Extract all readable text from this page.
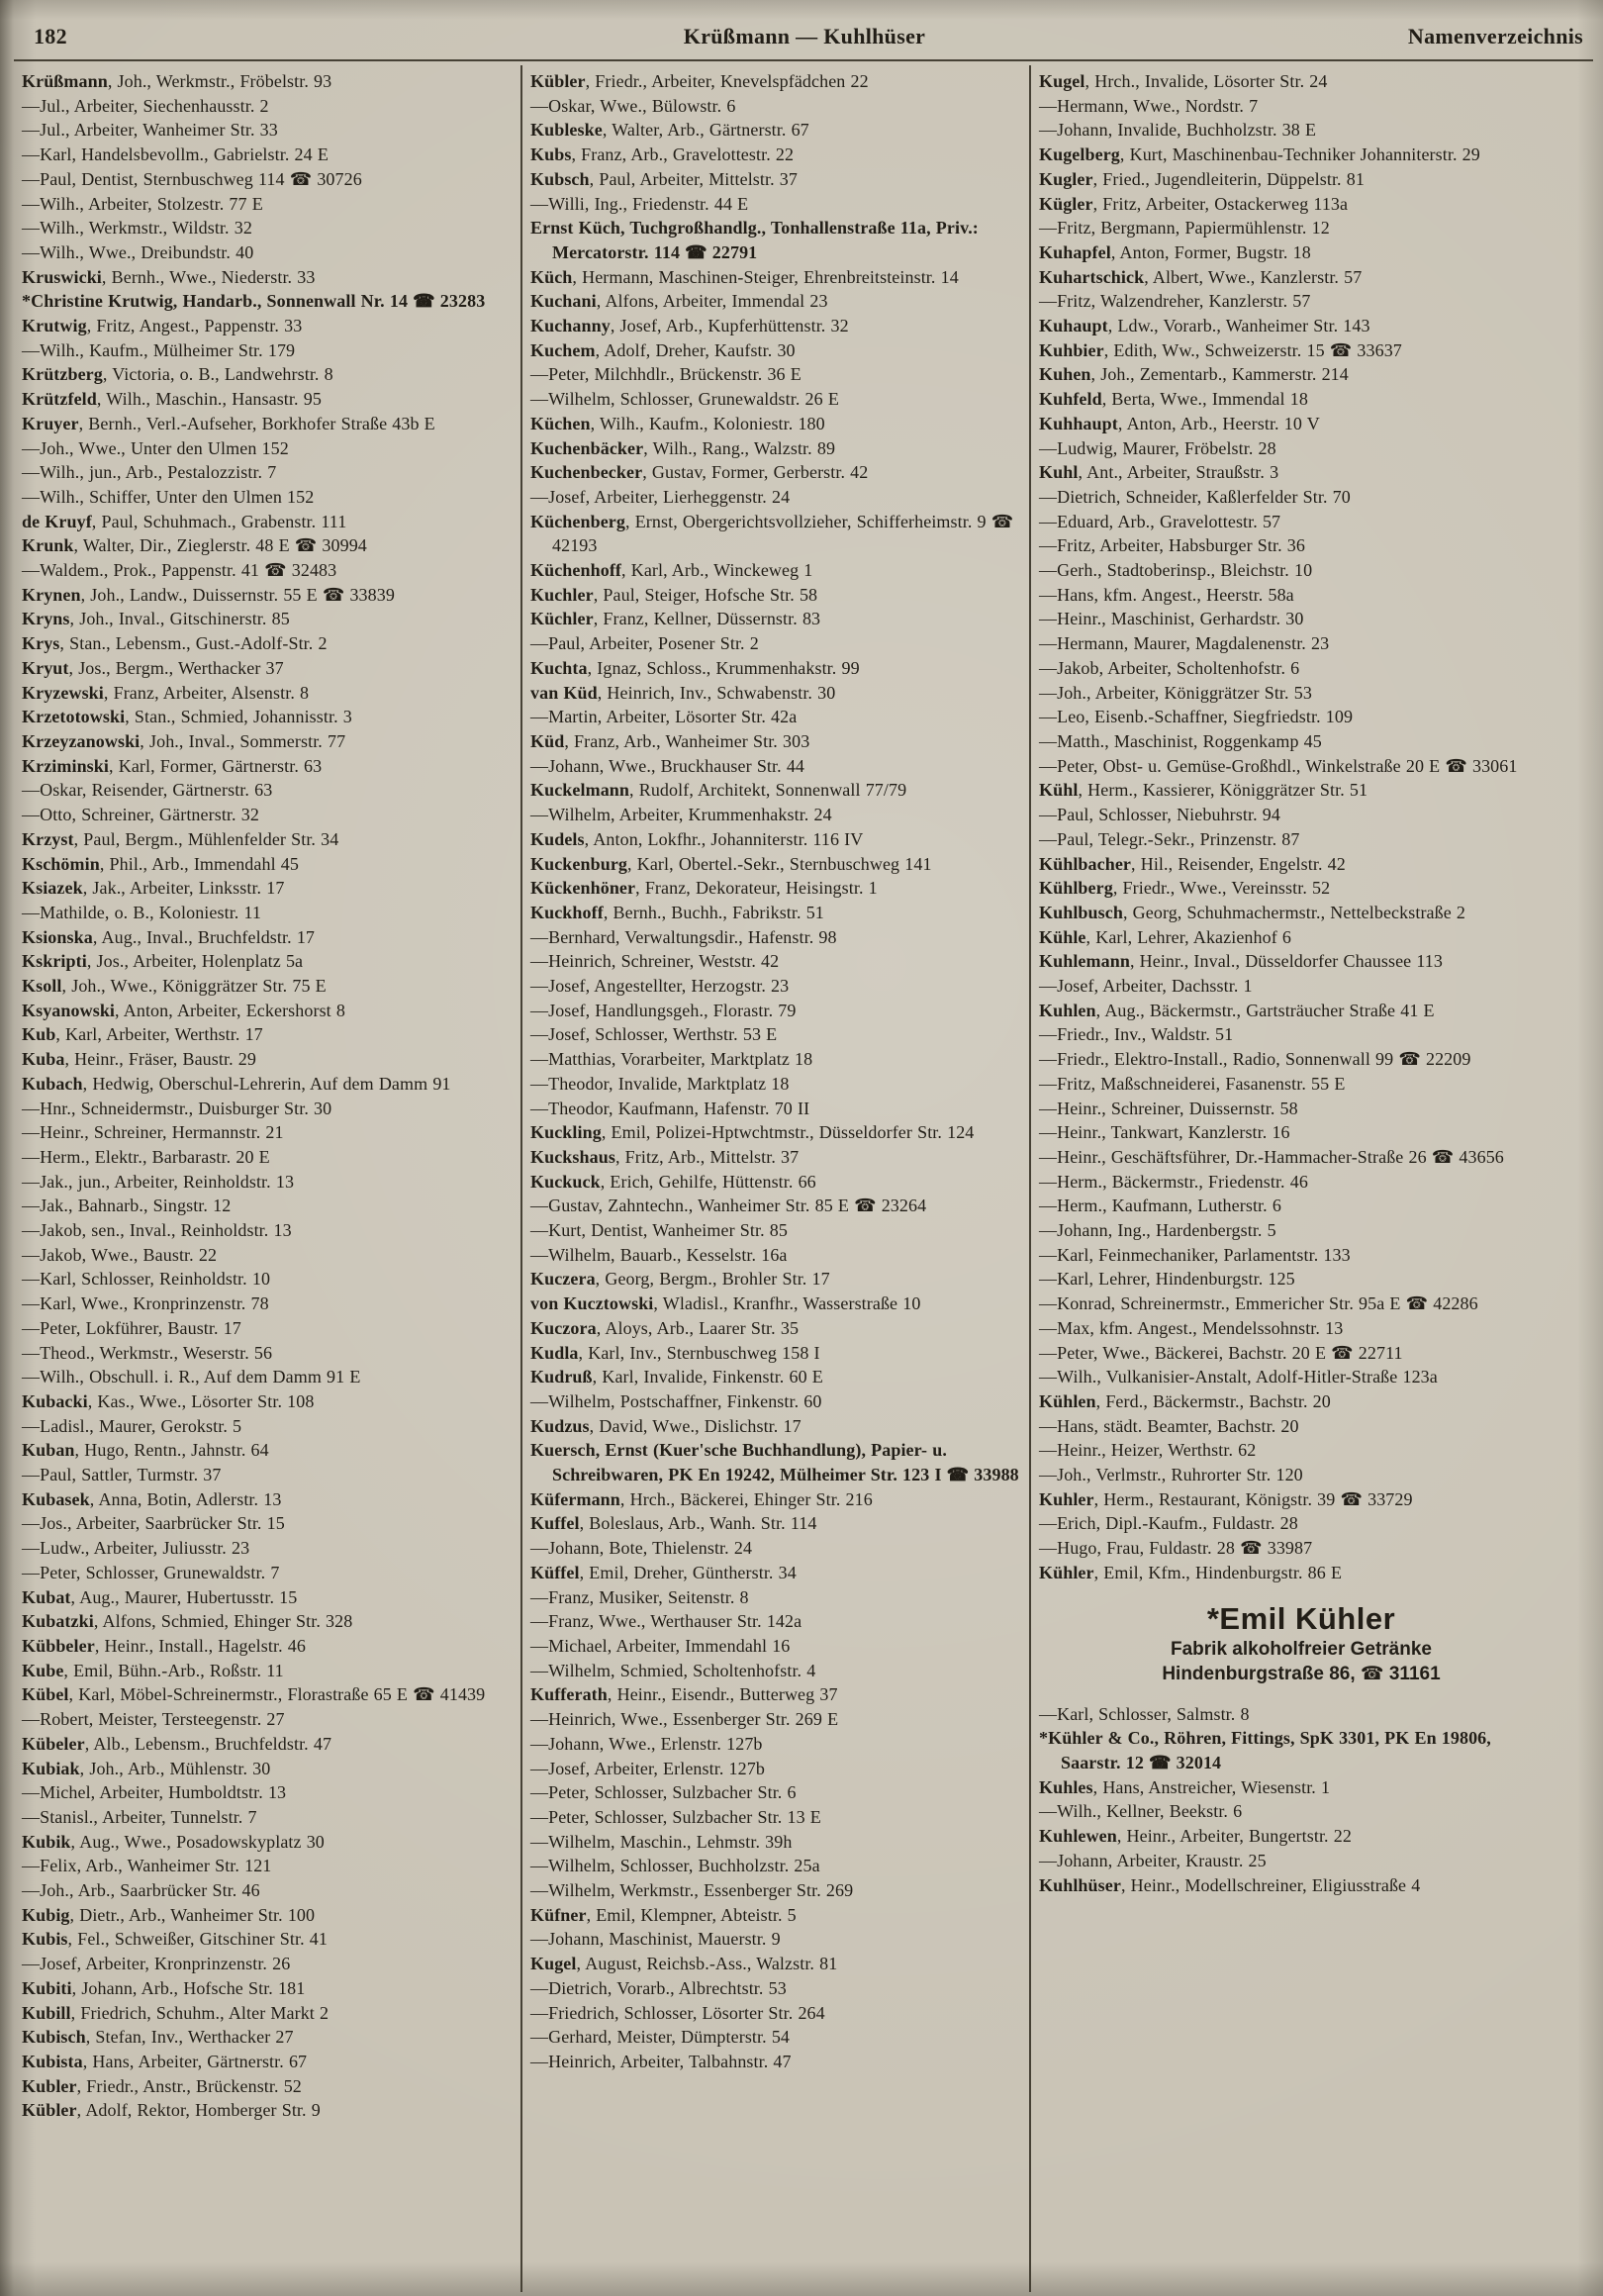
182	Krüßmann — Kuhlhüser	Namenverzeichnis
Krüßmann, Joh., Werkmstr., Fröbelstr. 93
—Jul., Arbeiter, Siechenhausstr. 2
—Jul., Arbeiter, Wanheimer Str. 33
—Karl, Handelsbevollm., Gabrielstr. 24 E
—Paul, Dentist, Sternbuschweg 114 ☎ 30726
—Wilh., Arbeiter, Stolzestr. 77 E
—Wilh., Werkmstr., Wildstr. 32
—Wilh., Wwe., Dreibundstr. 40
Kruswicki, Bernh., Wwe., Niederstr. 33
*Christine Krutwig, Handarb., Sonnenwall Nr. 14 ☎ 23283
Krutwig, Fritz, Angest., Pappenstr. 33
—Wilh., Kaufm., Mülheimer Str. 179
Krützberg, Victoria, o. B., Landwehrstr. 8
Krützfeld, Wilh., Maschin., Hansastr. 95
Kruyer, Bernh., Verl.-Aufseher, Borkhofer Straße 43b E
—Joh., Wwe., Unter den Ulmen 152
—Wilh., jun., Arb., Pestalozzistr. 7
—Wilh., Schiffer, Unter den Ulmen 152
de Kruyf, Paul, Schuhmach., Grabenstr. 111
Krunk, Walter, Dir., Zieglerstr. 48 E ☎ 30994
—Waldem., Prok., Pappenstr. 41 ☎ 32483
Krynen, Joh., Landw., Duissernstr. 55 E ☎ 33839
Kryns, Joh., Inval., Gitschinerstr. 85
Krys, Stan., Lebensm., Gust.-Adolf-Str. 2
Kryut, Jos., Bergm., Werthacker 37
Kryzewski, Franz, Arbeiter, Alsenstr. 8
Krzetotowski, Stan., Schmied, Johannisstr. 3
Krzeyzanowski, Joh., Inval., Sommerstr. 77
Krziminski, Karl, Former, Gärtnerstr. 63
—Oskar, Reisender, Gärtnerstr. 63
—Otto, Schreiner, Gärtnerstr. 32
Krzyst, Paul, Bergm., Mühlenfelder Str. 34
Kschömin, Phil., Arb., Immendahl 45
Ksiazek, Jak., Arbeiter, Linksstr. 17
—Mathilde, o. B., Koloniestr. 11
Ksionska, Aug., Inval., Bruchfeldstr. 17
Kskripti, Jos., Arbeiter, Holenplatz 5a
Ksoll, Joh., Wwe., Königgrätzer Str. 75 E
Ksyanowski, Anton, Arbeiter, Eckershorst 8
Kub, Karl, Arbeiter, Werthstr. 17
Kuba, Heinr., Fräser, Baustr. 29
Kubach, Hedwig, Oberschul-Lehrerin, Auf dem Damm 91
—Hnr., Schneidermstr., Duisburger Str. 30
—Heinr., Schreiner, Hermannstr. 21
—Herm., Elektr., Barbarastr. 20 E
—Jak., jun., Arbeiter, Reinholdstr. 13
—Jak., Bahnarb., Singstr. 12
—Jakob, sen., Inval., Reinholdstr. 13
—Jakob, Wwe., Baustr. 22
—Karl, Schlosser, Reinholdstr. 10
—Karl, Wwe., Kronprinzenstr. 78
—Peter, Lokführer, Baustr. 17
—Theod., Werkmstr., Weserstr. 56
—Wilh., Obschull. i. R., Auf dem Damm 91 E
Kubacki, Kas., Wwe., Lösorter Str. 108
—Ladisl., Maurer, Gerokstr. 5
Kuban, Hugo, Rentn., Jahnstr. 64
—Paul, Sattler, Turmstr. 37
Kubasek, Anna, Botin, Adlerstr. 13
—Jos., Arbeiter, Saarbrücker Str. 15
—Ludw., Arbeiter, Juliusstr. 23
—Peter, Schlosser, Grunewaldstr. 7
Kubat, Aug., Maurer, Hubertusstr. 15
Kubatzki, Alfons, Schmied, Ehinger Str. 328
Kübbeler, Heinr., Install., Hagelstr. 46
Kube, Emil, Bühn.-Arb., Roßstr. 11
Kübel, Karl, Möbel-Schreinermstr., Florastraße 65 E ☎ 41439
—Robert, Meister, Tersteegenstr. 27
Kübeler, Alb., Lebensm., Bruchfeldstr. 47
Kubiak, Joh., Arb., Mühlenstr. 30
—Michel, Arbeiter, Humboldtstr. 13
—Stanisl., Arbeiter, Tunnelstr. 7
Kubik, Aug., Wwe., Posadowskyplatz 30
—Felix, Arb., Wanheimer Str. 121
—Joh., Arb., Saarbrücker Str. 46
Kubig, Dietr., Arb., Wanheimer Str. 100
Kubis, Fel., Schweißer, Gitschiner Str. 41
—Josef, Arbeiter, Kronprinzenstr. 26
Kubiti, Johann, Arb., Hofsche Str. 181
Kubill, Friedrich, Schuhm., Alter Markt 2
Kubisch, Stefan, Inv., Werthacker 27
Kubista, Hans, Arbeiter, Gärtnerstr. 67
Kubler, Friedr., Anstr., Brückenstr. 52
Kübler, Adolf, Rektor, Homberger Str. 9
Kübler, Friedr., Arbeiter, Knevelspfädchen 22
—Oskar, Wwe., Bülowstr. 6
Kubleske, Walter, Arb., Gärtnerstr. 67
Kubs, Franz, Arb., Gravelottestr. 22
Kubsch, Paul, Arbeiter, Mittelstr. 37
—Willi, Ing., Friedenstr. 44 E
Ernst Küch, Tuchgroßhandlg., Tonhallenstraße 11a, Priv.: Mercatorstr. 114 ☎ 22791
Küch, Hermann, Maschinen-Steiger, Ehrenbreitsteinstr. 14
Kuchani, Alfons, Arbeiter, Immendal 23
Kuchanny, Josef, Arb., Kupferhüttenstr. 32
Kuchem, Adolf, Dreher, Kaufstr. 30
—Peter, Milchhdlr., Brückenstr. 36 E
—Wilhelm, Schlosser, Grunewaldstr. 26 E
Küchen, Wilh., Kaufm., Koloniestr. 180
Kuchenbäcker, Wilh., Rang., Walzstr. 89
Kuchenbecker, Gustav, Former, Gerberstr. 42
—Josef, Arbeiter, Lierheggenstr. 24
Küchenberg, Ernst, Obergerichtsvollzieher, Schifferheimstr. 9 ☎ 42193
Küchenhoff, Karl, Arb., Winckeweg 1
Kuchler, Paul, Steiger, Hofsche Str. 58
Küchler, Franz, Kellner, Düssernstr. 83
—Paul, Arbeiter, Posener Str. 2
Kuchta, Ignaz, Schloss., Krummenhakstr. 99
van Küd, Heinrich, Inv., Schwabenstr. 30
—Martin, Arbeiter, Lösorter Str. 42a
Küd, Franz, Arb., Wanheimer Str. 303
—Johann, Wwe., Bruckhauser Str. 44
Kuckelmann, Rudolf, Architekt, Sonnenwall 77/79
—Wilhelm, Arbeiter, Krummenhakstr. 24
Kudels, Anton, Lokfhr., Johanniterstr. 116 IV
Kuckenburg, Karl, Obertel.-Sekr., Sternbuschweg 141
Kückenhöner, Franz, Dekorateur, Heisingstr. 1
Kuckhoff, Bernh., Buchh., Fabrikstr. 51
—Bernhard, Verwaltungsdir., Hafenstr. 98
—Heinrich, Schreiner, Weststr. 42
—Josef, Angestellter, Herzogstr. 23
—Josef, Handlungsgeh., Florastr. 79
—Josef, Schlosser, Werthstr. 53 E
—Matthias, Vorarbeiter, Marktplatz 18
—Theodor, Invalide, Marktplatz 18
—Theodor, Kaufmann, Hafenstr. 70 II
Kuckling, Emil, Polizei-Hptwchtmstr., Düsseldorfer Str. 124
Kuckshaus, Fritz, Arb., Mittelstr. 37
Kuckuck, Erich, Gehilfe, Hüttenstr. 66
—Gustav, Zahntechn., Wanheimer Str. 85 E ☎ 23264
—Kurt, Dentist, Wanheimer Str. 85
—Wilhelm, Bauarb., Kesselstr. 16a
Kuczera, Georg, Bergm., Brohler Str. 17
von Kucztowski, Wladisl., Kranfhr., Wasserstraße 10
Kuczora, Aloys, Arb., Laarer Str. 35
Kudla, Karl, Inv., Sternbuschweg 158 I
Kudruß, Karl, Invalide, Finkenstr. 60 E
—Wilhelm, Postschaffner, Finkenstr. 60
Kudzus, David, Wwe., Dislichstr. 17
Kuersch, Ernst (Kuer'sche Buchhandlung), Papier- u. Schreibwaren, PK En 19242, Mülheimer Str. 123 I ☎ 33988
Küfermann, Hrch., Bäckerei, Ehinger Str. 216
Kuffel, Boleslaus, Arb., Wanh. Str. 114
—Johann, Bote, Thielenstr. 24
Küffel, Emil, Dreher, Güntherstr. 34
—Franz, Musiker, Seitenstr. 8
—Franz, Wwe., Werthauser Str. 142a
—Michael, Arbeiter, Immendahl 16
—Wilhelm, Schmied, Scholtenhofstr. 4
Kufferath, Heinr., Eisendr., Butterweg 37
—Heinrich, Wwe., Essenberger Str. 269 E
—Johann, Wwe., Erlenstr. 127b
—Josef, Arbeiter, Erlenstr. 127b
—Peter, Schlosser, Sulzbacher Str. 6
—Peter, Schlosser, Sulzbacher Str. 13 E
—Wilhelm, Maschin., Lehmstr. 39h
—Wilhelm, Schlosser, Buchholzstr. 25a
—Wilhelm, Werkmstr., Essenberger Str. 269
Küfner, Emil, Klempner, Abteistr. 5
—Johann, Maschinist, Mauerstr. 9
Kugel, August, Reichsb.-Ass., Walzstr. 81
—Dietrich, Vorarb., Albrechtstr. 53
—Friedrich, Schlosser, Lösorter Str. 264
—Gerhard, Meister, Dümpterstr. 54
—Heinrich, Arbeiter, Talbahnstr. 47
Kugel, Hrch., Invalide, Lösorter Str. 24
—Hermann, Wwe., Nordstr. 7
—Johann, Invalide, Buchholzstr. 38 E
Kugelberg, Kurt, Maschinenbau-Techniker Johanniterstr. 29
Kugler, Fried., Jugendleiterin, Düppelstr. 81
Kügler, Fritz, Arbeiter, Ostackerweg 113a
—Fritz, Bergmann, Papiermühlenstr. 12
Kuhapfel, Anton, Former, Bugstr. 18
Kuhartschick, Albert, Wwe., Kanzlerstr. 57
—Fritz, Walzendreher, Kanzlerstr. 57
Kuhaupt, Ldw., Vorarb., Wanheimer Str. 143
Kuhbier, Edith, Ww., Schweizerstr. 15 ☎ 33637
Kuhen, Joh., Zementarb., Kammerstr. 214
Kuhfeld, Berta, Wwe., Immendal 18
Kuhhaupt, Anton, Arb., Heerstr. 10 V
—Ludwig, Maurer, Fröbelstr. 28
Kuhl, Ant., Arbeiter, Straußstr. 3
—Dietrich, Schneider, Kaßlerfelder Str. 70
—Eduard, Arb., Gravelottestr. 57
—Fritz, Arbeiter, Habsburger Str. 36
—Gerh., Stadtoberinsp., Bleichstr. 10
—Hans, kfm. Angest., Heerstr. 58a
—Heinr., Maschinist, Gerhardstr. 30
—Hermann, Maurer, Magdalenenstr. 23
—Jakob, Arbeiter, Scholtenhofstr. 6
—Joh., Arbeiter, Königgrätzer Str. 53
—Leo, Eisenb.-Schaffner, Siegfriedstr. 109
—Matth., Maschinist, Roggenkamp 45
—Peter, Obst- u. Gemüse-Großhdl., Winkelstraße 20 E ☎ 33061
Kühl, Herm., Kassierer, Königgrätzer Str. 51
—Paul, Schlosser, Niebuhrstr. 94
—Paul, Telegr.-Sekr., Prinzenstr. 87
Kühlbacher, Hil., Reisender, Engelstr. 42
Kühlberg, Friedr., Wwe., Vereinsstr. 52
Kuhlbusch, Georg, Schuhmachermstr., Nettelbeckstraße 2
Kühle, Karl, Lehrer, Akazienhof 6
Kuhlemann, Heinr., Inval., Düsseldorfer Chaussee 113
—Josef, Arbeiter, Dachsstr. 1
Kuhlen, Aug., Bäckermstr., Gartsträucher Straße 41 E
—Friedr., Inv., Waldstr. 51
—Friedr., Elektro-Install., Radio, Sonnenwall 99 ☎ 22209
—Fritz, Maßschneiderei, Fasanenstr. 55 E
—Heinr., Schreiner, Duissernstr. 58
—Heinr., Tankwart, Kanzlerstr. 16
—Heinr., Geschäftsführer, Dr.-Hammacher-Straße 26 ☎ 43656
—Herm., Bäckermstr., Friedenstr. 46
—Herm., Kaufmann, Lutherstr. 6
—Johann, Ing., Hardenbergstr. 5
—Karl, Feinmechaniker, Parlamentstr. 133
—Karl, Lehrer, Hindenburgstr. 125
—Konrad, Schreinermstr., Emmericher Str. 95a E ☎ 42286
—Max, kfm. Angest., Mendelssohnstr. 13
—Peter, Wwe., Bäckerei, Bachstr. 20 E ☎ 22711
—Wilh., Vulkanisier-Anstalt, Adolf-Hitler-Straße 123a
Kühlen, Ferd., Bäckermstr., Bachstr. 20
—Hans, städt. Beamter, Bachstr. 20
—Heinr., Heizer, Werthstr. 62
—Joh., Verlmstr., Ruhrorter Str. 120
Kuhler, Herm., Restaurant, Königstr. 39 ☎ 33729
—Erich, Dipl.-Kaufm., Fuldastr. 28
—Hugo, Frau, Fuldastr. 28 ☎ 33987
Kühler, Emil, Kfm., Hindenburgstr. 86 E
*Emil Kühler
Fabrik alkoholfreier Getränke
Hindenburgstraße 86, ☎ 31161
—Karl, Schlosser, Salmstr. 8
*Kühler & Co., Röhren, Fittings, SpK 3301, PK En 19806, Saarstr. 12 ☎ 32014
Kuhles, Hans, Anstreicher, Wiesenstr. 1
—Wilh., Kellner, Beekstr. 6
Kuhlewen, Heinr., Arbeiter, Bungertstr. 22
—Johann, Arbeiter, Kraustr. 25
Kuhlhüser, Heinr., Modellschreiner, Eligiusstraße 4
